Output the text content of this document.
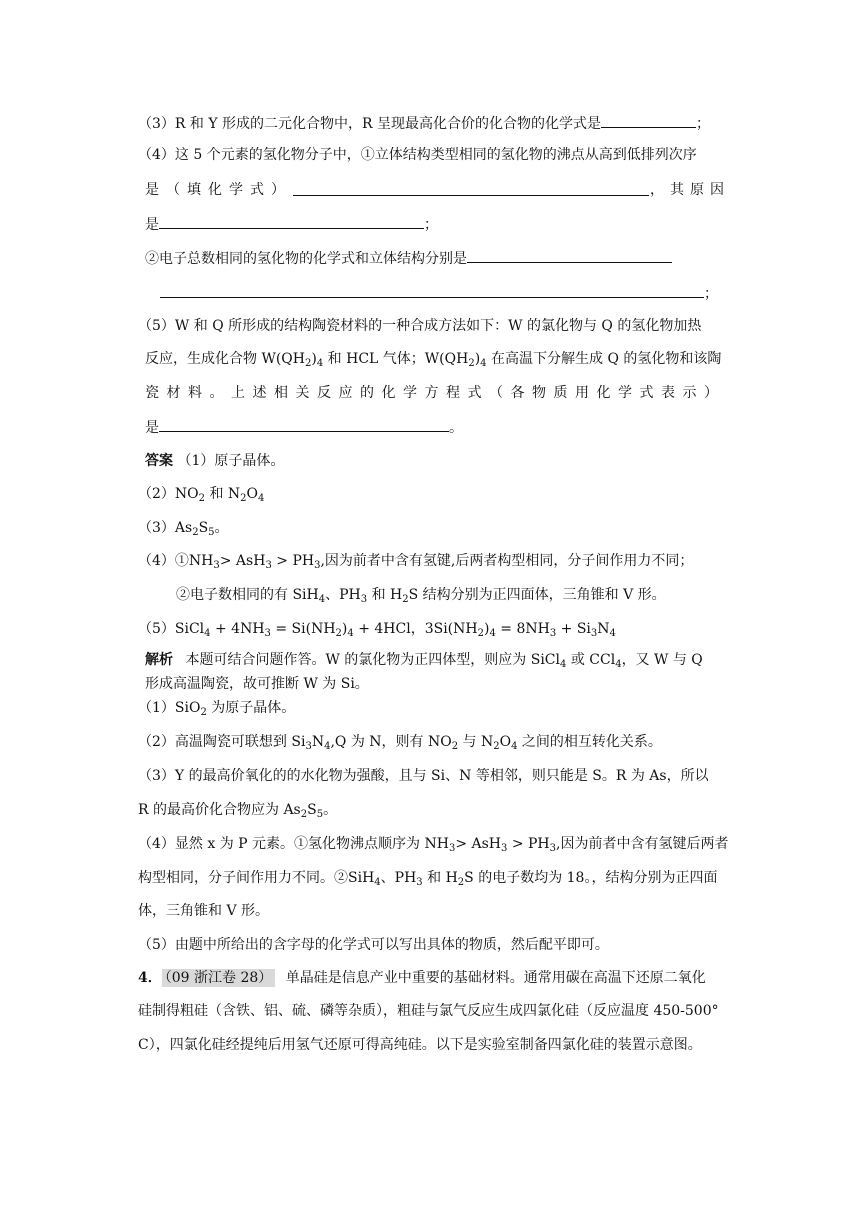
（3）R 和 Y 形成的二元化合物中，R 呈现最高化合价的化合物的化学式是	；
（4）这 5 个元素的氢化物分子中，①立体结构类型相同的氢化物的沸点从高到低排列次序
是（填化学式）	，其原因
是	；
②电子总数相同的氢化物的化学式和立体结构分别是
；
（5）W 和 Q 所形成的结构陶瓷材料的一种合成方法如下：W 的氯化物与 Q 的氢化物加热
反应，生成化合物 $W(QH_2)_4$ 和 HCL 气体；$W(QH_2)_4$ 在高温下分解生成 Q 的氢化物和该陶
瓷材料。上述相关反应的化学方程式（各物质用化学式表示）
是	。
答案 （1）原子晶体。
$(2)NO_2$ 和 $N_2O_4$
$(3)As_2S_5$。
$(4)①NH_3> AsH_3 > PH_3$,因为前者中含有氢键,后两者构型相同，分子间作用力不同；
②电子数相同的有 SiH$_4$、$PH_3$ 和 $H_2S$ 结构分别为正四面体，三角锥和 V 形。
（5）SiCl$_4$ + $4NH_3 = Si(NH_2)_4 + 4HCl$，$3Si(NH_2)_4 = 8NH_3 + Si_3N_4$
解析 本题可结合问题作答。W 的氯化物为正四体型，则应为 SiCl$_4$ 或 CCl$_4$，又 W 与 Q
形成高温陶瓷，故可推断 W 为 Si。
（1）SiO$_2$ 为原子晶体。
（2）高温陶瓷可联想到 $Si_3N_4,Q$ 为 N，则有 $NO_2$ 与 $N_2O_4$ 之间的相互转化关系。
（3）Y 的最高价氧化的的水化物为强酸，且与 Si、N 等相邻，则只能是 S。R 为 As，所以
R 的最高价化合物应为 $As_2S_5$。
（4）显然 x 为 P 元素。①氢化物沸点顺序为 $NH_3> AsH_3 > PH_3$,因为前者中含有氢键后两者
构型相同，分子间作用力不同。②SiH$_4$、$PH_3$ 和 $H_2S$ 的电子数均为 18。，结构分别为正四面
体，三角锥和 V 形。
（5）由题中所给出的含字母的化学式可以写出具体的物质，然后配平即可。
4． （09 浙江卷 28） 单晶硅是信息产业中重要的基础材料。通常用碳在高温下还原二氧化
硅制得粗硅（含铁、铝、硫、磷等杂质），粗硅与氯气反应生成四氯化硅（反应温度 450-500°
C），四氯化硅经提纯后用氢气还原可得高纯硅。以下是实验室制备四氯化硅的装置示意图。
